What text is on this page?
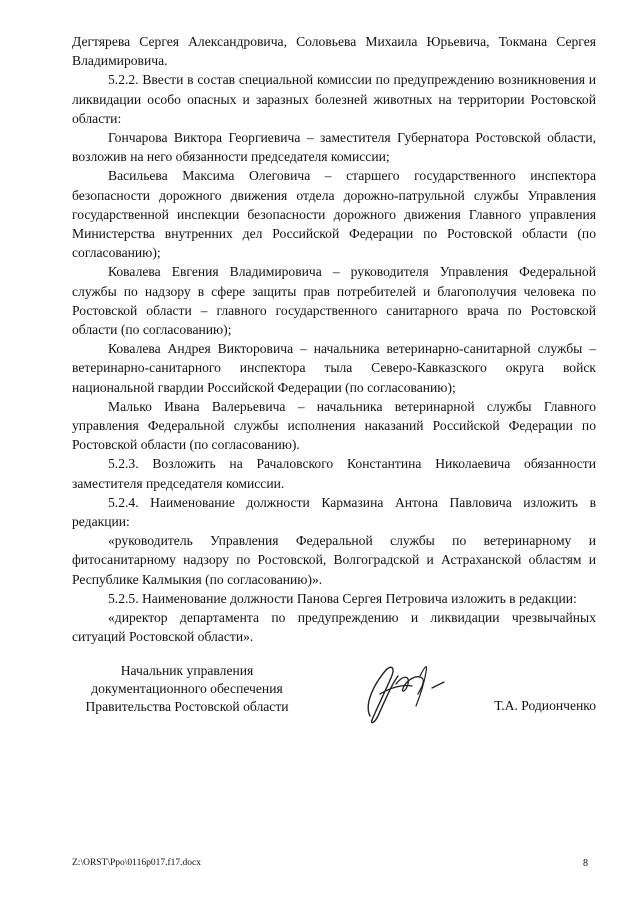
Дегтярева Сергея Александровича, Соловьева Михаила Юрьевича, Токмана Сергея Владимировича.

5.2.2. Ввести в состав специальной комиссии по предупреждению возникновения и ликвидации особо опасных и заразных болезней животных на территории Ростовской области:

Гончарова Виктора Георгиевича – заместителя Губернатора Ростовской области, возложив на него обязанности председателя комиссии;

Васильева Максима Олеговича – старшего государственного инспектора безопасности дорожного движения отдела дорожно-патрульной службы Управления государственной инспекции безопасности дорожного движения Главного управления Министерства внутренних дел Российской Федерации по Ростовской области (по согласованию);

Ковалева Евгения Владимировича – руководителя Управления Федеральной службы по надзору в сфере защиты прав потребителей и благополучия человека по Ростовской области – главного государственного санитарного врача по Ростовской области (по согласованию);

Ковалева Андрея Викторовича – начальника ветеринарно-санитарной службы – ветеринарно-санитарного инспектора тыла Северо-Кавказского округа войск национальной гвардии Российской Федерации (по согласованию);

Малько Ивана Валерьевича – начальника ветеринарной службы Главного управления Федеральной службы исполнения наказаний Российской Федерации по Ростовской области (по согласованию).

5.2.3. Возложить на Рачаловского Константина Николаевича обязанности заместителя председателя комиссии.

5.2.4. Наименование должности Кармазина Антона Павловича изложить в редакции:

«руководитель Управления Федеральной службы по ветеринарному и фитосанитарному надзору по Ростовской, Волгоградской и Астраханской областям и Республике Калмыкия (по согласованию)».

5.2.5. Наименование должности Панова Сергея Петровича изложить в редакции:

«директор департамента по предупреждению и ликвидации чрезвычайных ситуаций Ростовской области».

Начальник управления
документационного обеспечения
Правительства Ростовской области	Т.А. Родионченко
Z:\ORST\Ppo\0116p017.f17.docx	8
